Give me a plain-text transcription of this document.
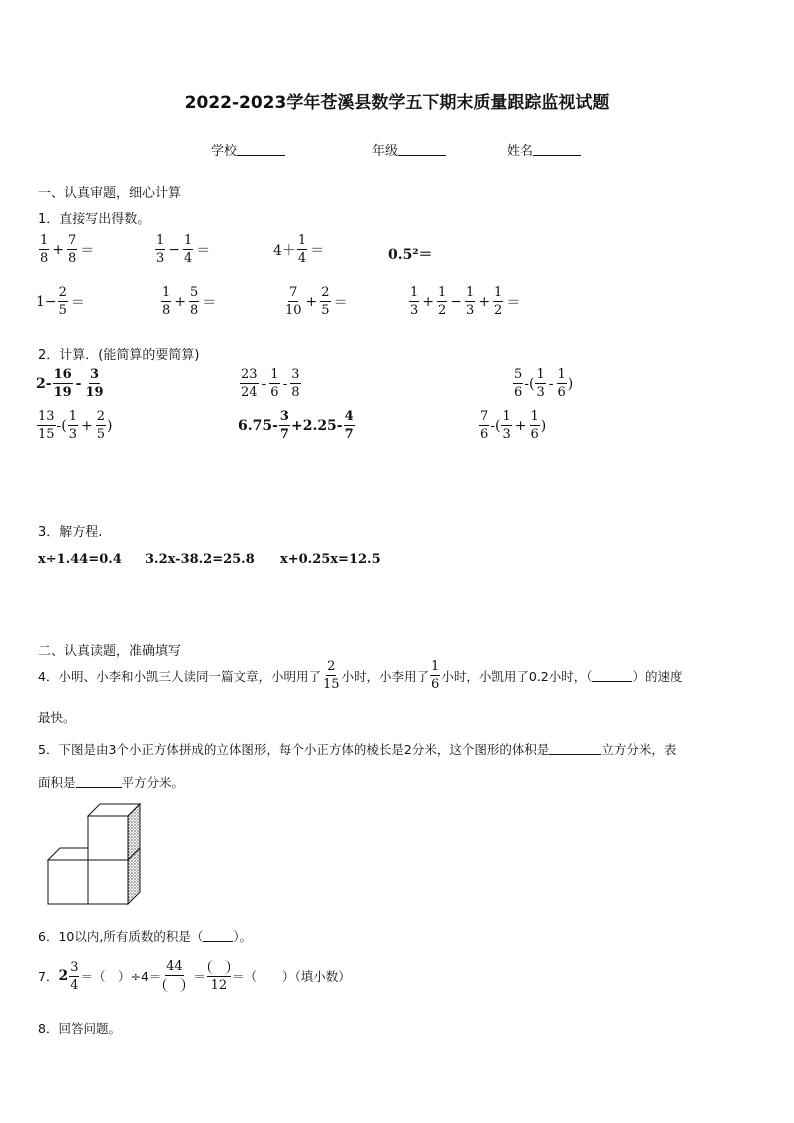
2022-2023学年苍溪县数学五下期末质量跟踪监视试题
学校	年级	姓名
一、认真审题，细心计算
1．直接写出得数。
$\frac{1}{8} + \frac{7}{8}$ ＝	$\frac{1}{3} - \frac{1}{4}$ ＝	$4+ \frac{1}{4}$ ＝	0.5²＝
$1- \frac{2}{5}$ ＝	$\frac{1}{8} + \frac{5}{8}$ ＝	$\frac{7}{10} + \frac{2}{5}$ ＝	$\frac{1}{3} + \frac{1}{2} - \frac{1}{3} + \frac{1}{2}$ ＝
2．计算．(能简算的要简算)
$2- \frac{16}{19} - \frac{3}{19}$	$\frac{23}{24} - \frac{1}{6} - \frac{3}{8}$	$\frac{5}{6}$ -( $\frac{1}{3} - \frac{1}{6}$ )
$\frac{13}{15}$ -( $\frac{1}{3} + \frac{2}{5}$ )	$6.75- \frac{3}{7} +2.25- \frac{4}{7}$	$\frac{7}{6}$ -( $\frac{1}{3} + \frac{1}{6}$ )
3．解方程.
x÷1.44=0.4 3.2x-38.2=25.8 x+0.25x=12.5
二、认真读题，准确填写
4．小明、小李和小凯三人读同一篇文章，小明用了 $\frac{2}{15}$ 小时，小李用了 $\frac{1}{6}$ 小时，小凯用了0.2小时，（	）的速度
最快。
5．下图是由3个小正方体拼成的立体图形，每个小正方体的棱长是2分米，这个图形的体积是	立方分米，表
面积是	平方分米。
6．10以内,所有质数的积是（ ）。
7． $2 \frac{3}{4}$ ＝（　）÷4＝
44
＝
12
＝（　　）（填小数）
8．回答问题。
